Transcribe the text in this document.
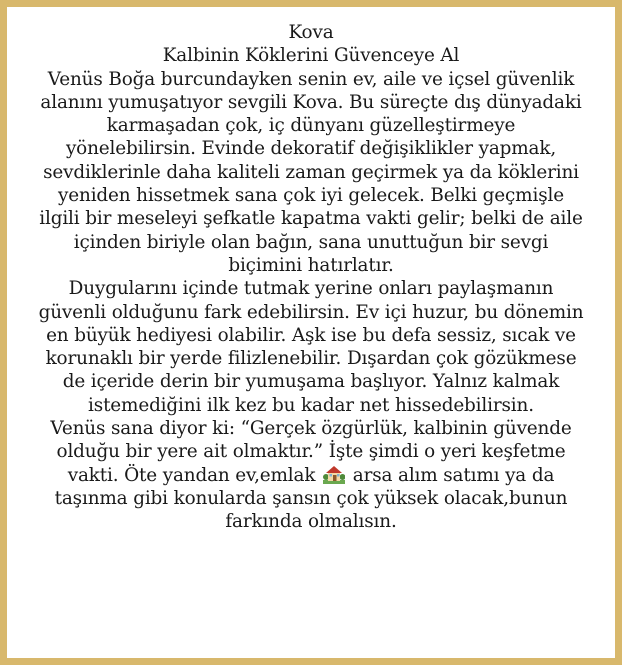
Kova
Kalbinin Köklerini Güvenceye Al
Venüs Boğa burcundayken senin ev, aile ve içsel güvenlik
alanını yumuşatıyor sevgili Kova. Bu süreçte dış dünyadaki
karmaşadan çok, iç dünyanı güzelleştirmeye
yönelebilirsin. Evinde dekoratif değişiklikler yapmak,
sevdiklerinle daha kaliteli zaman geçirmek ya da köklerini
yeniden hissetmek sana çok iyi gelecek. Belki geçmişle
ilgili bir meseleyi şefkatle kapatma vakti gelir; belki de aile
içinden biriyle olan bağın, sana unuttuğun bir sevgi
biçimini hatırlatır.
Duygularını içinde tutmak yerine onları paylaşmanın
güvenli olduğunu fark edebilirsin. Ev içi huzur, bu dönemin
en büyük hediyesi olabilir. Aşk ise bu defa sessiz, sıcak ve
korunaklı bir yerde filizlenebilir. Dışardan çok gözükmese
de içeride derin bir yumuşama başlıyor. Yalnız kalmak
istemediğini ilk kez bu kadar net hissedebilirsin.
Venüs sana diyor ki: “Gerçek özgürlük, kalbinin güvende
olduğu bir yere ait olmaktır.” İşte şimdi o yeri keşfetme
vakti. Öte yandan ev,emlak  arsa alım satımı ya da
taşınma gibi konularda şansın çok yüksek olacak,bunun
farkında olmalısın.
